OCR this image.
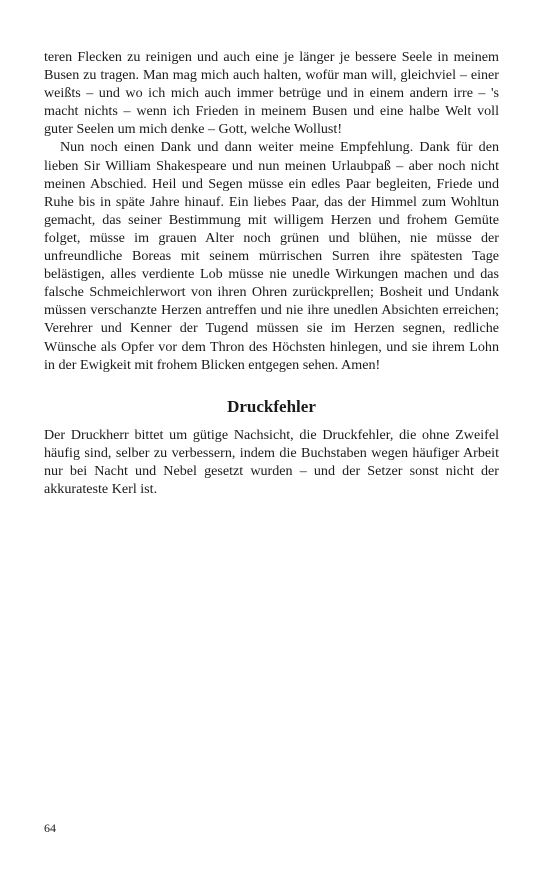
teren Flecken zu reinigen und auch eine je länger je bessere Seele in meinem Busen zu tragen. Man mag mich auch halten, wofür man will, gleichviel – einer weißts – und wo ich mich auch immer betrüge und in einem andern irre – 's macht nichts – wenn ich Frieden in meinem Busen und eine halbe Welt voll guter Seelen um mich denke – Gott, welche Wollust!

Nun noch einen Dank und dann weiter meine Empfehlung. Dank für den lieben Sir William Shakespeare und nun meinen Urlaubpaß – aber noch nicht meinen Abschied. Heil und Segen müsse ein edles Paar begleiten, Friede und Ruhe bis in späte Jahre hinauf. Ein liebes Paar, das der Himmel zum Wohltun gemacht, das seiner Bestimmung mit willigem Herzen und frohem Gemüte folget, müsse im grauen Alter noch grünen und blühen, nie müsse der unfreundliche Boreas mit seinem mürrischen Surren ihre spätesten Tage belästigen, alles verdiente Lob müsse nie unedle Wirkungen machen und das falsche Schmeichlerwort von ihren Ohren zurückprellen; Bosheit und Undank müssen verschanzte Herzen antreffen und nie ihre unedlen Absichten erreichen; Verehrer und Kenner der Tugend müssen sie im Herzen segnen, redliche Wünsche als Opfer vor dem Thron des Höchsten hinlegen, und sie ihrem Lohn in der Ewigkeit mit frohem Blicken entgegen sehen. Amen!

Druckfehler

Der Druckherr bittet um gütige Nachsicht, die Druckfehler, die ohne Zweifel häufig sind, selber zu verbessern, indem die Buchstaben wegen häufiger Arbeit nur bei Nacht und Nebel gesetzt wurden – und der Setzer sonst nicht der akkurateste Kerl ist.

64
